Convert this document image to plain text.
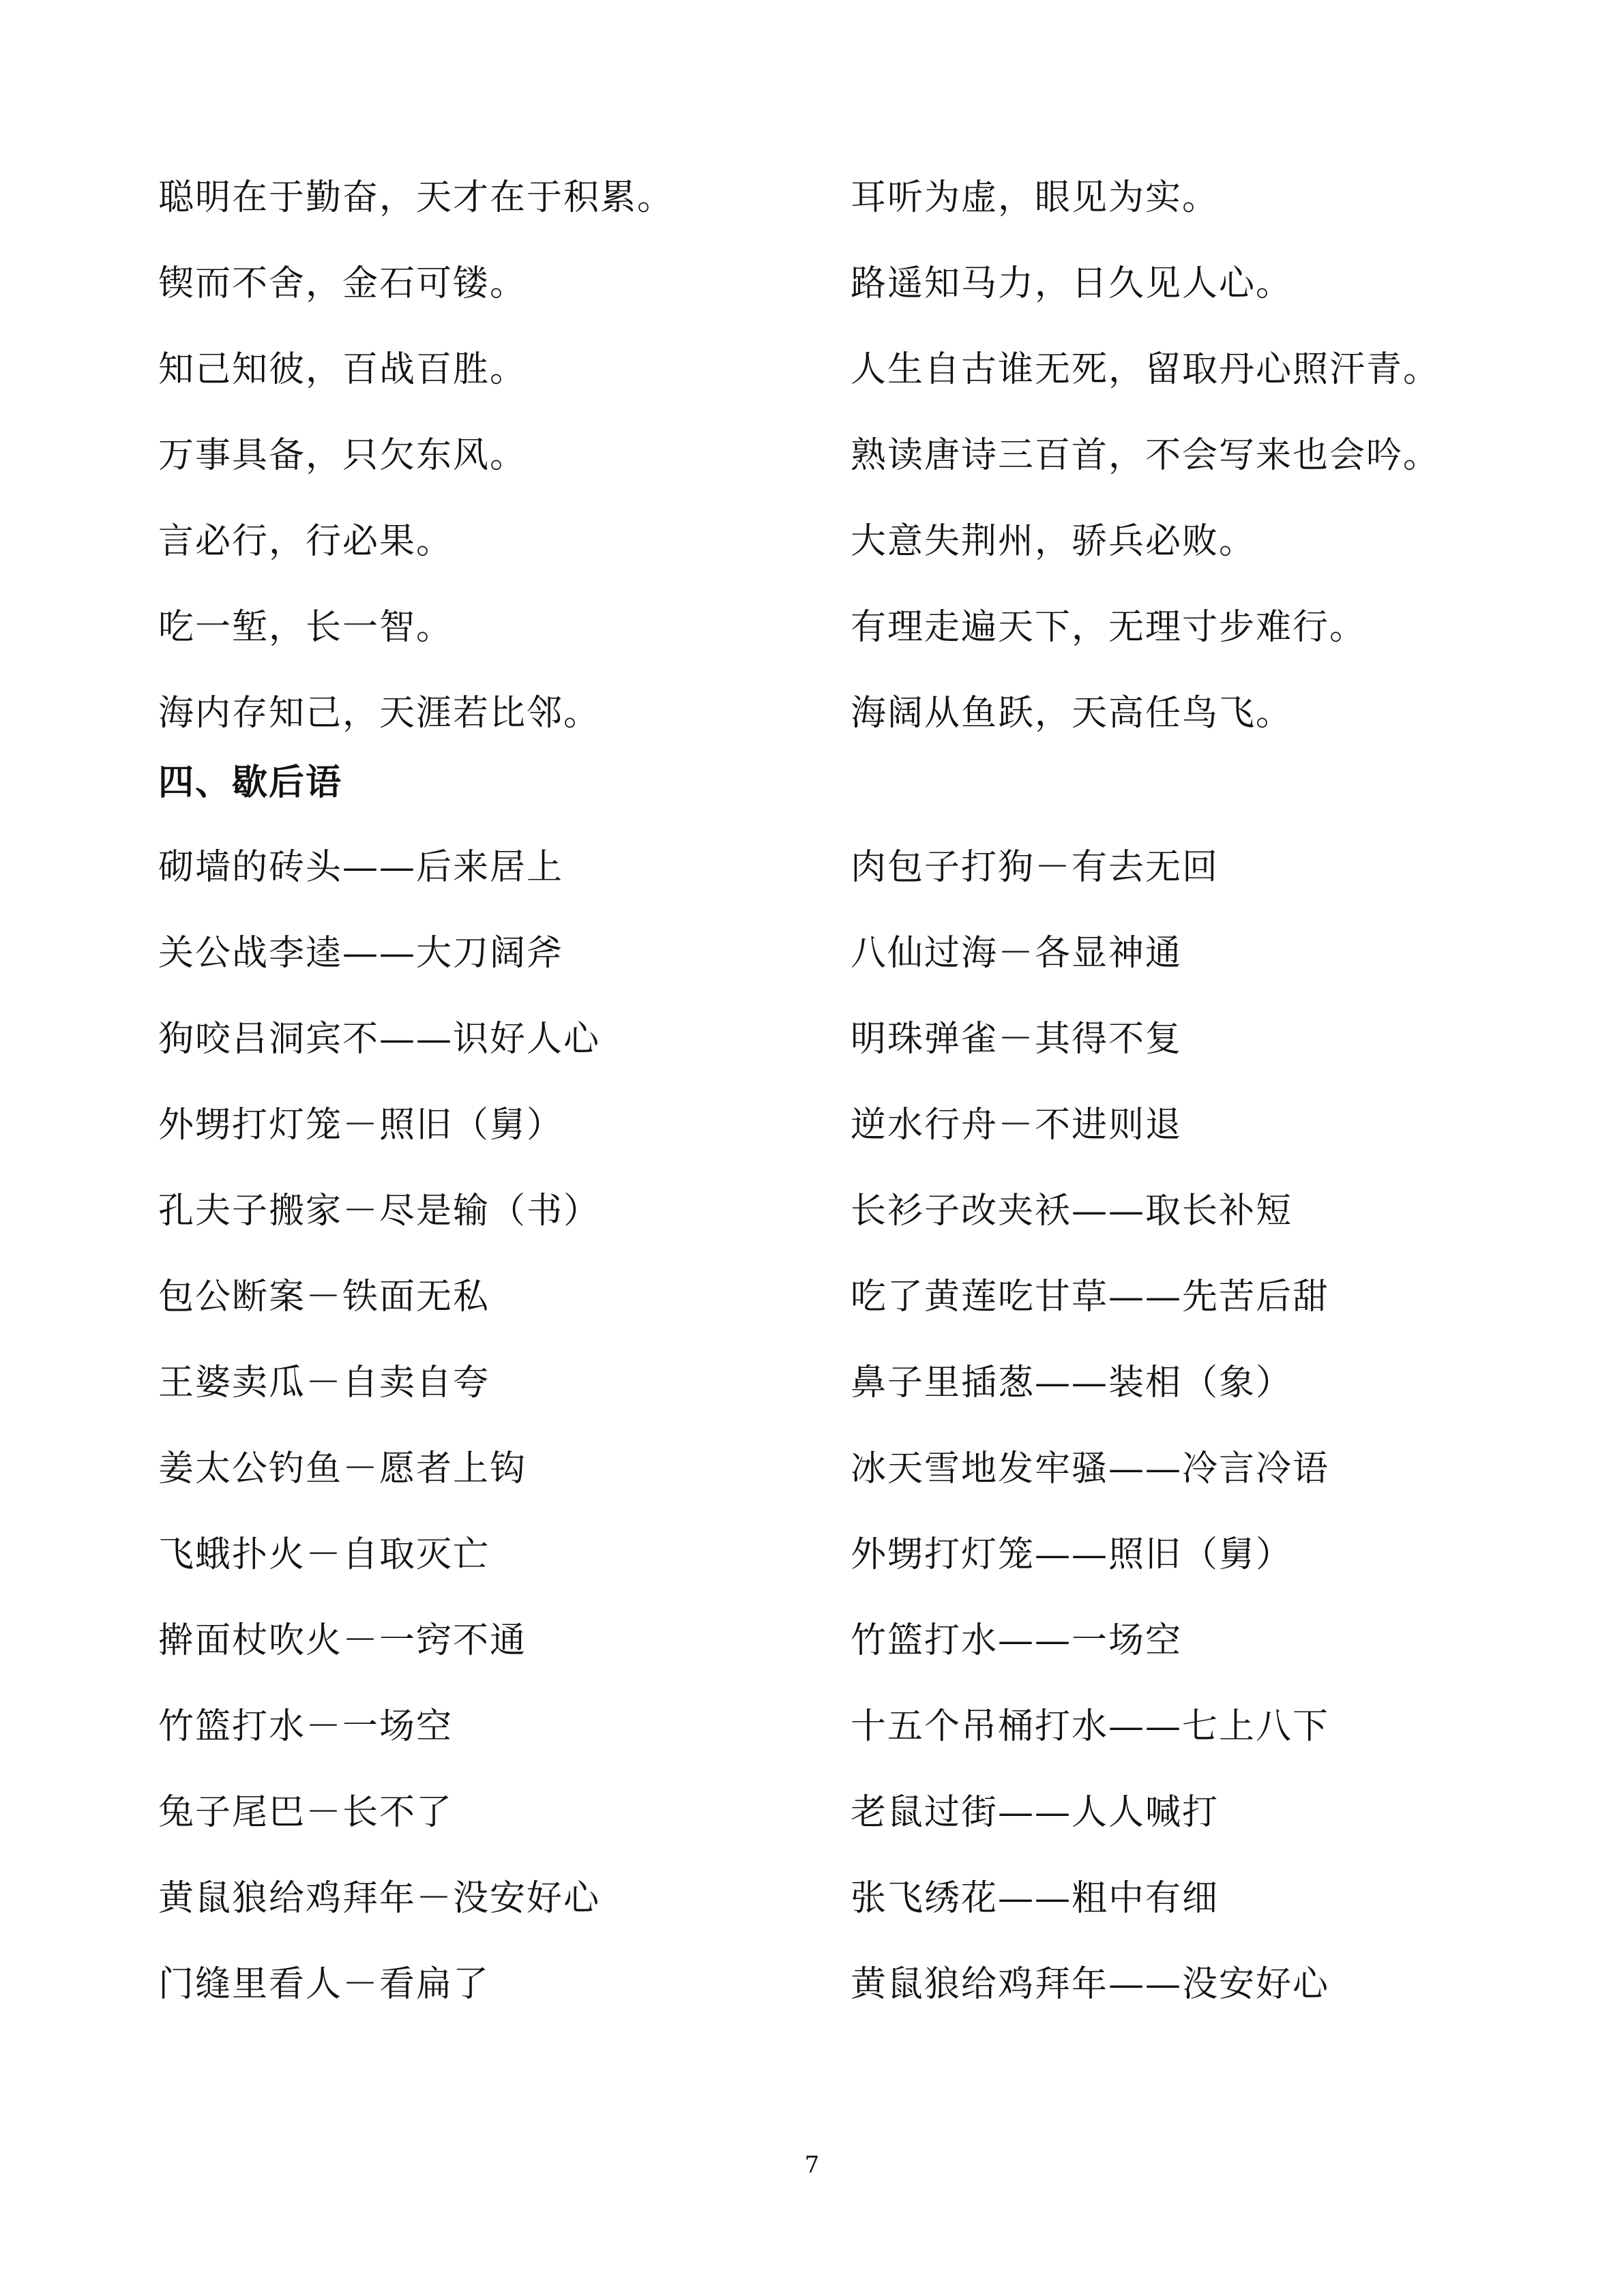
聪明在于勤奋，天才在于积累。	耳听为虚，眼见为实。
锲而不舍，金石可镂。	路遥知马力，日久见人心。
知己知彼，百战百胜。	人生自古谁无死，留取丹心照汗青。
万事具备，只欠东风。	熟读唐诗三百首，不会写来也会吟。
言必行，行必果。	大意失荆州，骄兵必败。
吃一堑，长一智。	有理走遍天下，无理寸步难行。
海内存知己，天涯若比邻。	海阔从鱼跃，天高任鸟飞。
四、歇后语
砌墙的砖头——后来居上	肉包子打狗－有去无回
关公战李逵——大刀阔斧	八仙过海－各显神通
狗咬吕洞宾不——识好人心	明珠弹雀－其得不复
外甥打灯笼－照旧（舅）	逆水行舟－不进则退
孔夫子搬家－尽是输（书）	长衫子改夹袄——取长补短
包公断案－铁面无私	吃了黄莲吃甘草——先苦后甜
王婆卖瓜－自卖自夸	鼻子里插葱——装相（象）
姜太公钓鱼－愿者上钩	冰天雪地发牢骚——冷言冷语
飞蛾扑火－自取灭亡	外甥打灯笼——照旧（舅）
擀面杖吹火－一窍不通	竹篮打水——一场空
竹篮打水－一场空	十五个吊桶打水——七上八下
兔子尾巴－长不了	老鼠过街——人人喊打
黄鼠狼给鸡拜年－没安好心	张飞绣花——粗中有细
门缝里看人－看扁了	黄鼠狼给鸡拜年——没安好心
7
